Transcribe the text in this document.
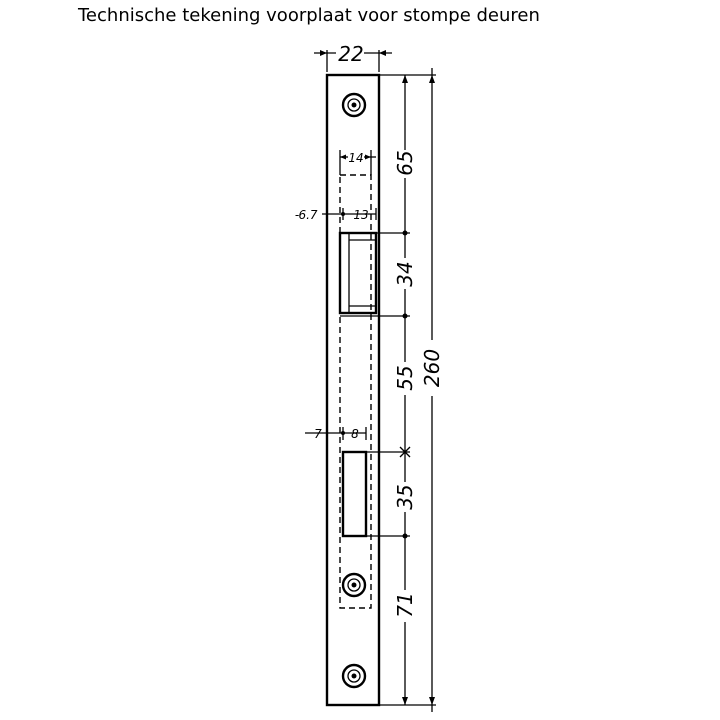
Technische tekening voorplaat voor stompe deuren
22
14
6.7	13
-
7 8
65
34
55
35
71
260
